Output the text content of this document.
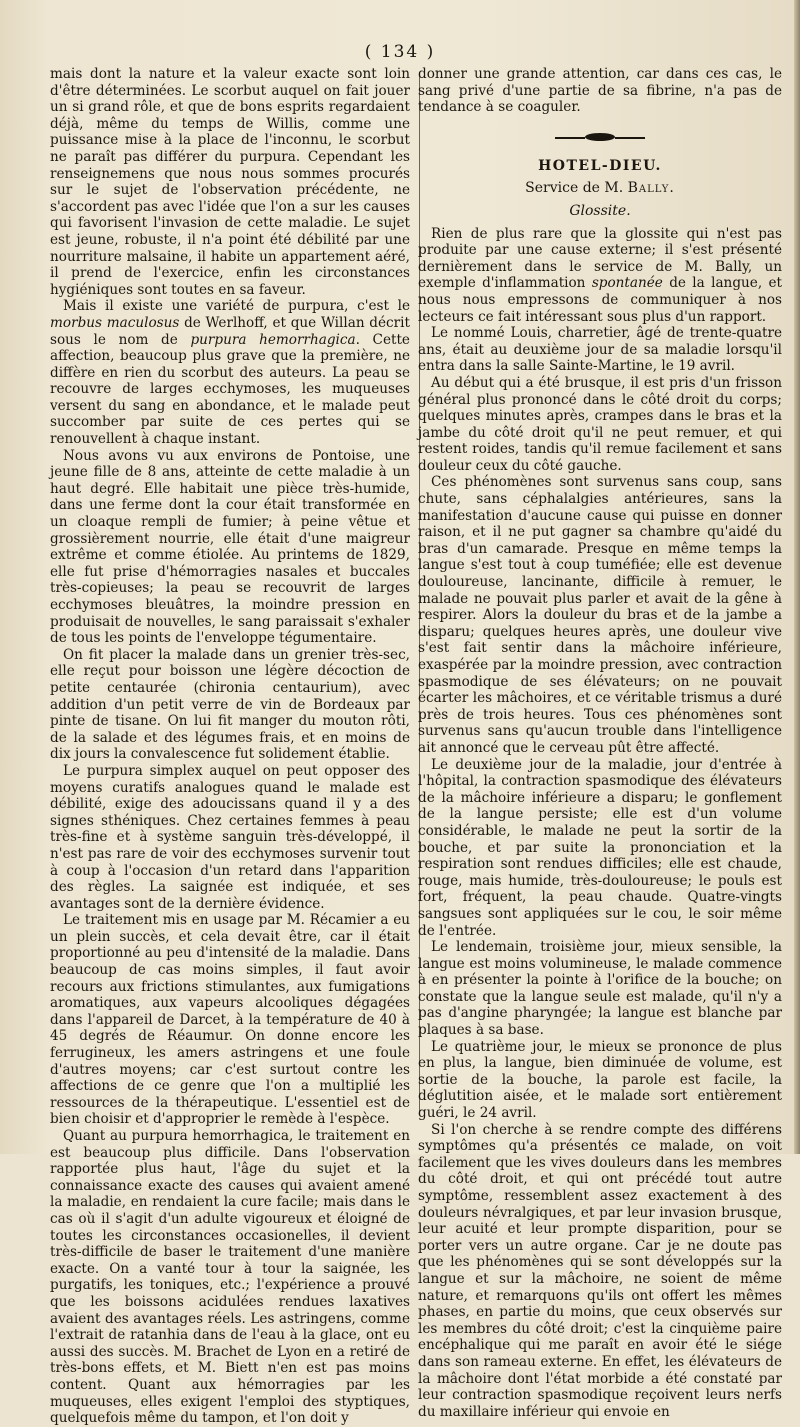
( 134 )

mais dont la nature et la valeur exacte sont loin d'être déterminées. Le scorbut auquel on fait jouer un si grand rôle, et que de bons esprits regardaient déjà, même du temps de Willis, comme une puissance mise à la place de l'inconnu, le scorbut ne paraît pas différer du purpura. Cependant les renseignemens que nous nous sommes procurés sur le sujet de l'observation précédente, ne s'accordent pas avec l'idée que l'on a sur les causes qui favorisent l'invasion de cette maladie. Le sujet est jeune, robuste, il n'a point été débilité par une nourriture malsaine, il habite un appartement aéré, il prend de l'exercice, enfin les circonstances hygiéniques sont toutes en sa faveur.

Mais il existe une variété de purpura, c'est le morbus maculosus de Werlhoff, et que Willan décrit sous le nom de purpura hemorrhagica. Cette affection, beaucoup plus grave que la première, ne diffère en rien du scorbut des auteurs. La peau se recouvre de larges ecchymoses, les muqueuses versent du sang en abondance, et le malade peut succomber par suite de ces pertes qui se renouvellent à chaque instant.

Nous avons vu aux environs de Pontoise, une jeune fille de 8 ans, atteinte de cette maladie à un haut degré. Elle habitait une pièce très-humide, dans une ferme dont la cour était transformée en un cloaque rempli de fumier; à peine vêtue et grossièrement nourrie, elle était d'une maigreur extrême et comme étiolée. Au printems de 1829, elle fut prise d'hémorragies nasales et buccales très-copieuses; la peau se recouvrit de larges ecchymoses bleuâtres, la moindre pression en produisait de nouvelles, le sang paraissait s'exhaler de tous les points de l'enveloppe tégumentaire.

On fit placer la malade dans un grenier très-sec, elle reçut pour boisson une légère décoction de petite centaurée (chironia centaurium), avec addition d'un petit verre de vin de Bordeaux par pinte de tisane. On lui fit manger du mouton rôti, de la salade et des légumes frais, et en moins de dix jours la convalescence fut solidement établie.

Le purpura simplex auquel on peut opposer des moyens curatifs analogues quand le malade est débilité, exige des adoucissans quand il y a des signes sthéniques. Chez certaines femmes à peau très-fine et à système sanguin très-développé, il n'est pas rare de voir des ecchymoses survenir tout à coup à l'occasion d'un retard dans l'apparition des règles. La saignée est indiquée, et ses avantages sont de la dernière évidence.

Le traitement mis en usage par M. Récamier a eu un plein succès, et cela devait être, car il était proportionné au peu d'intensité de la maladie. Dans beaucoup de cas moins simples, il faut avoir recours aux frictions stimulantes, aux fumigations aromatiques, aux vapeurs alcooliques dégagées dans l'appareil de Darcet, à la température de 40 à 45 degrés de Réaumur. On donne encore les ferrugineux, les amers astringens et une foule d'autres moyens; car c'est surtout contre les affections de ce genre que l'on a multiplié les ressources de la thérapeutique. L'essentiel est de bien choisir et d'approprier le remède à l'espèce.

Quant au purpura hemorrhagica, le traitement en est beaucoup plus difficile. Dans l'observation rapportée plus haut, l'âge du sujet et la connaissance exacte des causes qui avaient amené la maladie, en rendaient la cure facile; mais dans le cas où il s'agit d'un adulte vigoureux et éloigné de toutes les circonstances occasionelles, il devient très-difficile de baser le traitement d'une manière exacte. On a vanté tour à tour la saignée, les purgatifs, les toniques, etc.; l'expérience a prouvé que les boissons acidulées rendues laxatives avaient des avantages réels. Les astringens, comme l'extrait de ratanhia dans de l'eau à la glace, ont eu aussi des succès. M. Brachet de Lyon en a retiré de très-bons effets, et M. Biett n'en est pas moins content. Quant aux hémorragies par les muqueuses, elles exigent l'emploi des styptiques, quelquefois même du tampon, et l'on doit y

donner une grande attention, car dans ces cas, le sang privé d'une partie de sa fibrine, n'a pas de tendance à se coaguler.

HOTEL-DIEU.
Service de M. Bally.
Glossite.

Rien de plus rare que la glossite qui n'est pas produite par une cause externe; il s'est présenté dernièrement dans le service de M. Bally, un exemple d'inflammation spontanée de la langue, et nous nous empressons de communiquer à nos lecteurs ce fait intéressant sous plus d'un rapport.

Le nommé Louis, charretier, âgé de trente-quatre ans, était au deuxième jour de sa maladie lorsqu'il entra dans la salle Sainte-Martine, le 19 avril.

Au début qui a été brusque, il est pris d'un frisson général plus prononcé dans le côté droit du corps; quelques minutes après, crampes dans le bras et la jambe du côté droit qu'il ne peut remuer, et qui restent roides, tandis qu'il remue facilement et sans douleur ceux du côté gauche.

Ces phénomènes sont survenus sans coup, sans chute, sans céphalalgies antérieures, sans la manifestation d'aucune cause qui puisse en donner raison, et il ne put gagner sa chambre qu'aidé du bras d'un camarade. Presque en même temps la langue s'est tout à coup tuméfiée; elle est devenue douloureuse, lancinante, difficile à remuer, le malade ne pouvait plus parler et avait de la gêne à respirer. Alors la douleur du bras et de la jambe a disparu; quelques heures après, une douleur vive s'est fait sentir dans la mâchoire inférieure, exaspérée par la moindre pression, avec contraction spasmodique de ses élévateurs; on ne pouvait écarter les mâchoires, et ce véritable trismus a duré près de trois heures. Tous ces phénomènes sont survenus sans qu'aucun trouble dans l'intelligence ait annoncé que le cerveau pût être affecté.

Le deuxième jour de la maladie, jour d'entrée à l'hôpital, la contraction spasmodique des élévateurs de la mâchoire inférieure a disparu; le gonflement de la langue persiste; elle est d'un volume considérable, le malade ne peut la sortir de la bouche, et par suite la prononciation et la respiration sont rendues difficiles; elle est chaude, rouge, mais humide, très-douloureuse; le pouls est fort, fréquent, la peau chaude. Quatre-vingts sangsues sont appliquées sur le cou, le soir même de l'entrée.

Le lendemain, troisième jour, mieux sensible, la langue est moins volumineuse, le malade commence à en présenter la pointe à l'orifice de la bouche; on constate que la langue seule est malade, qu'il n'y a pas d'angine pharyngée; la langue est blanche par plaques à sa base.

Le quatrième jour, le mieux se prononce de plus en plus, la langue, bien diminuée de volume, est sortie de la bouche, la parole est facile, la déglutition aisée, et le malade sort entièrement guéri, le 24 avril.

Si l'on cherche à se rendre compte des différens symptômes qu'a présentés ce malade, on voit facilement que les vives douleurs dans les membres du côté droit, et qui ont précédé tout autre symptôme, ressemblent assez exactement à des douleurs névralgiques, et par leur invasion brusque, leur acuité et leur prompte disparition, pour se porter vers un autre organe. Car je ne doute pas que les phénomènes qui se sont développés sur la langue et sur la mâchoire, ne soient de même nature, et remarquons qu'ils ont offert les mêmes phases, en partie du moins, que ceux observés sur les membres du côté droit; c'est la cinquième paire encéphalique qui me paraît en avoir été le siége dans son rameau externe. En effet, les élévateurs de la mâchoire dont l'état morbide a été constaté par leur contraction spasmodique reçoivent leurs nerfs du maxillaire inférieur qui envoie en
